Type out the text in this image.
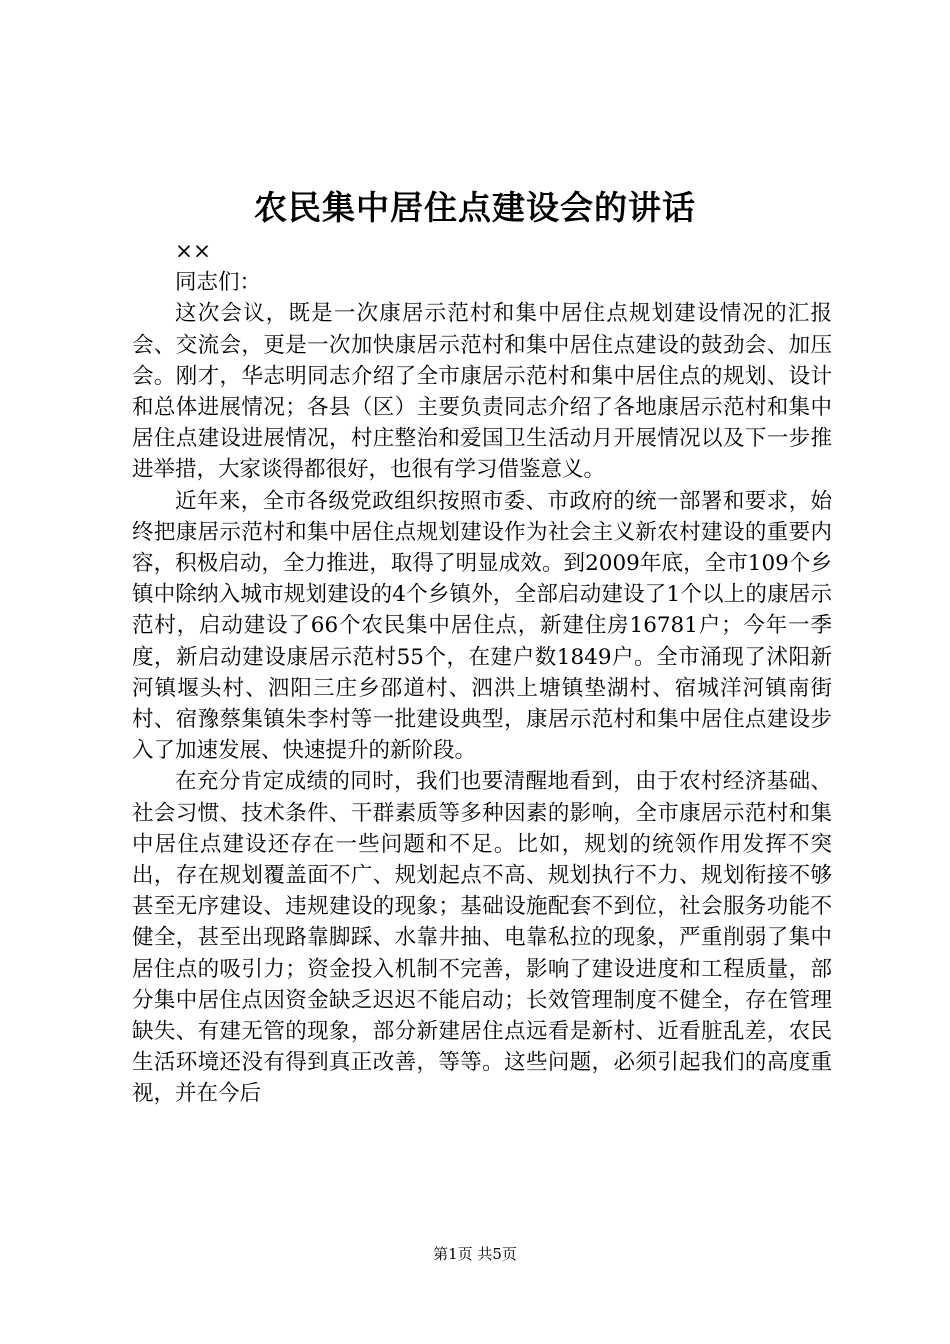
农民集中居住点建设会的讲话

××

同志们：

这次会议，既是一次康居示范村和集中居住点规划建设情况的汇报会、交流会，更是一次加快康居示范村和集中居住点建设的鼓劲会、加压会。刚才，华志明同志介绍了全市康居示范村和集中居住点的规划、设计和总体进展情况；各县（区）主要负责同志介绍了各地康居示范村和集中居住点建设进展情况，村庄整治和爱国卫生活动月开展情况以及下一步推进举措，大家谈得都很好，也很有学习借鉴意义。

近年来，全市各级党政组织按照市委、市政府的统一部署和要求，始终把康居示范村和集中居住点规划建设作为社会主义新农村建设的重要内容，积极启动，全力推进，取得了明显成效。到2009年底，全市109个乡镇中除纳入城市规划建设的4个乡镇外，全部启动建设了1个以上的康居示范村，启动建设了66个农民集中居住点，新建住房16781户；今年一季度，新启动建设康居示范村55个，在建户数1849户。全市涌现了沭阳新河镇堰头村、泗阳三庄乡邵道村、泗洪上塘镇垫湖村、宿城洋河镇南街村、宿豫蔡集镇朱李村等一批建设典型，康居示范村和集中居住点建设步入了加速发展、快速提升的新阶段。

在充分肯定成绩的同时，我们也要清醒地看到，由于农村经济基础、社会习惯、技术条件、干群素质等多种因素的影响，全市康居示范村和集中居住点建设还存在一些问题和不足。比如，规划的统领作用发挥不突出，存在规划覆盖面不广、规划起点不高、规划执行不力、规划衔接不够甚至无序建设、违规建设的现象；基础设施配套不到位，社会服务功能不健全，甚至出现路靠脚踩、水靠井抽、电靠私拉的现象，严重削弱了集中居住点的吸引力；资金投入机制不完善，影响了建设进度和工程质量，部分集中居住点因资金缺乏迟迟不能启动；长效管理制度不健全，存在管理缺失、有建无管的现象，部分新建居住点远看是新村、近看脏乱差，农民生活环境还没有得到真正改善，等等。这些问题，必须引起我们的高度重视，并在今后

第1页 共5页
